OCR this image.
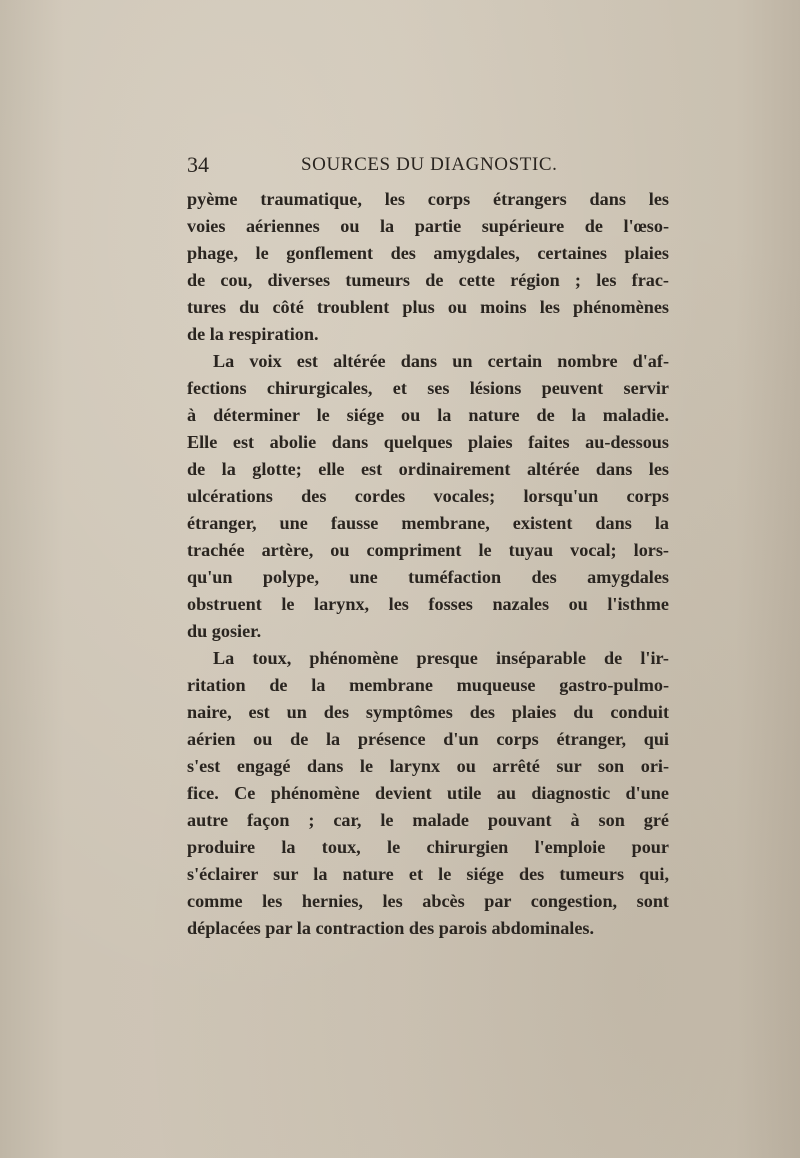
34	SOURCES DU DIAGNOSTIC.
pyème traumatique, les corps étrangers dans les
voies aériennes ou la partie supérieure de l'œso-
phage, le gonflement des amygdales, certaines plaies
de cou, diverses tumeurs de cette région ; les frac-
tures du côté troublent plus ou moins les phénomènes
de la respiration.
La voix est altérée dans un certain nombre d'af-
fections chirurgicales, et ses lésions peuvent servir
à déterminer le siége ou la nature de la maladie.
Elle est abolie dans quelques plaies faites au-dessous
de la glotte; elle est ordinairement altérée dans les
ulcérations des cordes vocales; lorsqu'un corps
étranger, une fausse membrane, existent dans la
trachée artère, ou compriment le tuyau vocal; lors-
qu'un polype, une tuméfaction des amygdales
obstruent le larynx, les fosses nazales ou l'isthme
du gosier.
La toux, phénomène presque inséparable de l'ir-
ritation de la membrane muqueuse gastro-pulmo-
naire, est un des symptômes des plaies du conduit
aérien ou de la présence d'un corps étranger, qui
s'est engagé dans le larynx ou arrêté sur son ori-
fice. Ce phénomène devient utile au diagnostic d'une
autre façon ; car, le malade pouvant à son gré
produire la toux, le chirurgien l'emploie pour
s'éclairer sur la nature et le siége des tumeurs qui,
comme les hernies, les abcès par congestion, sont
déplacées par la contraction des parois abdominales.
